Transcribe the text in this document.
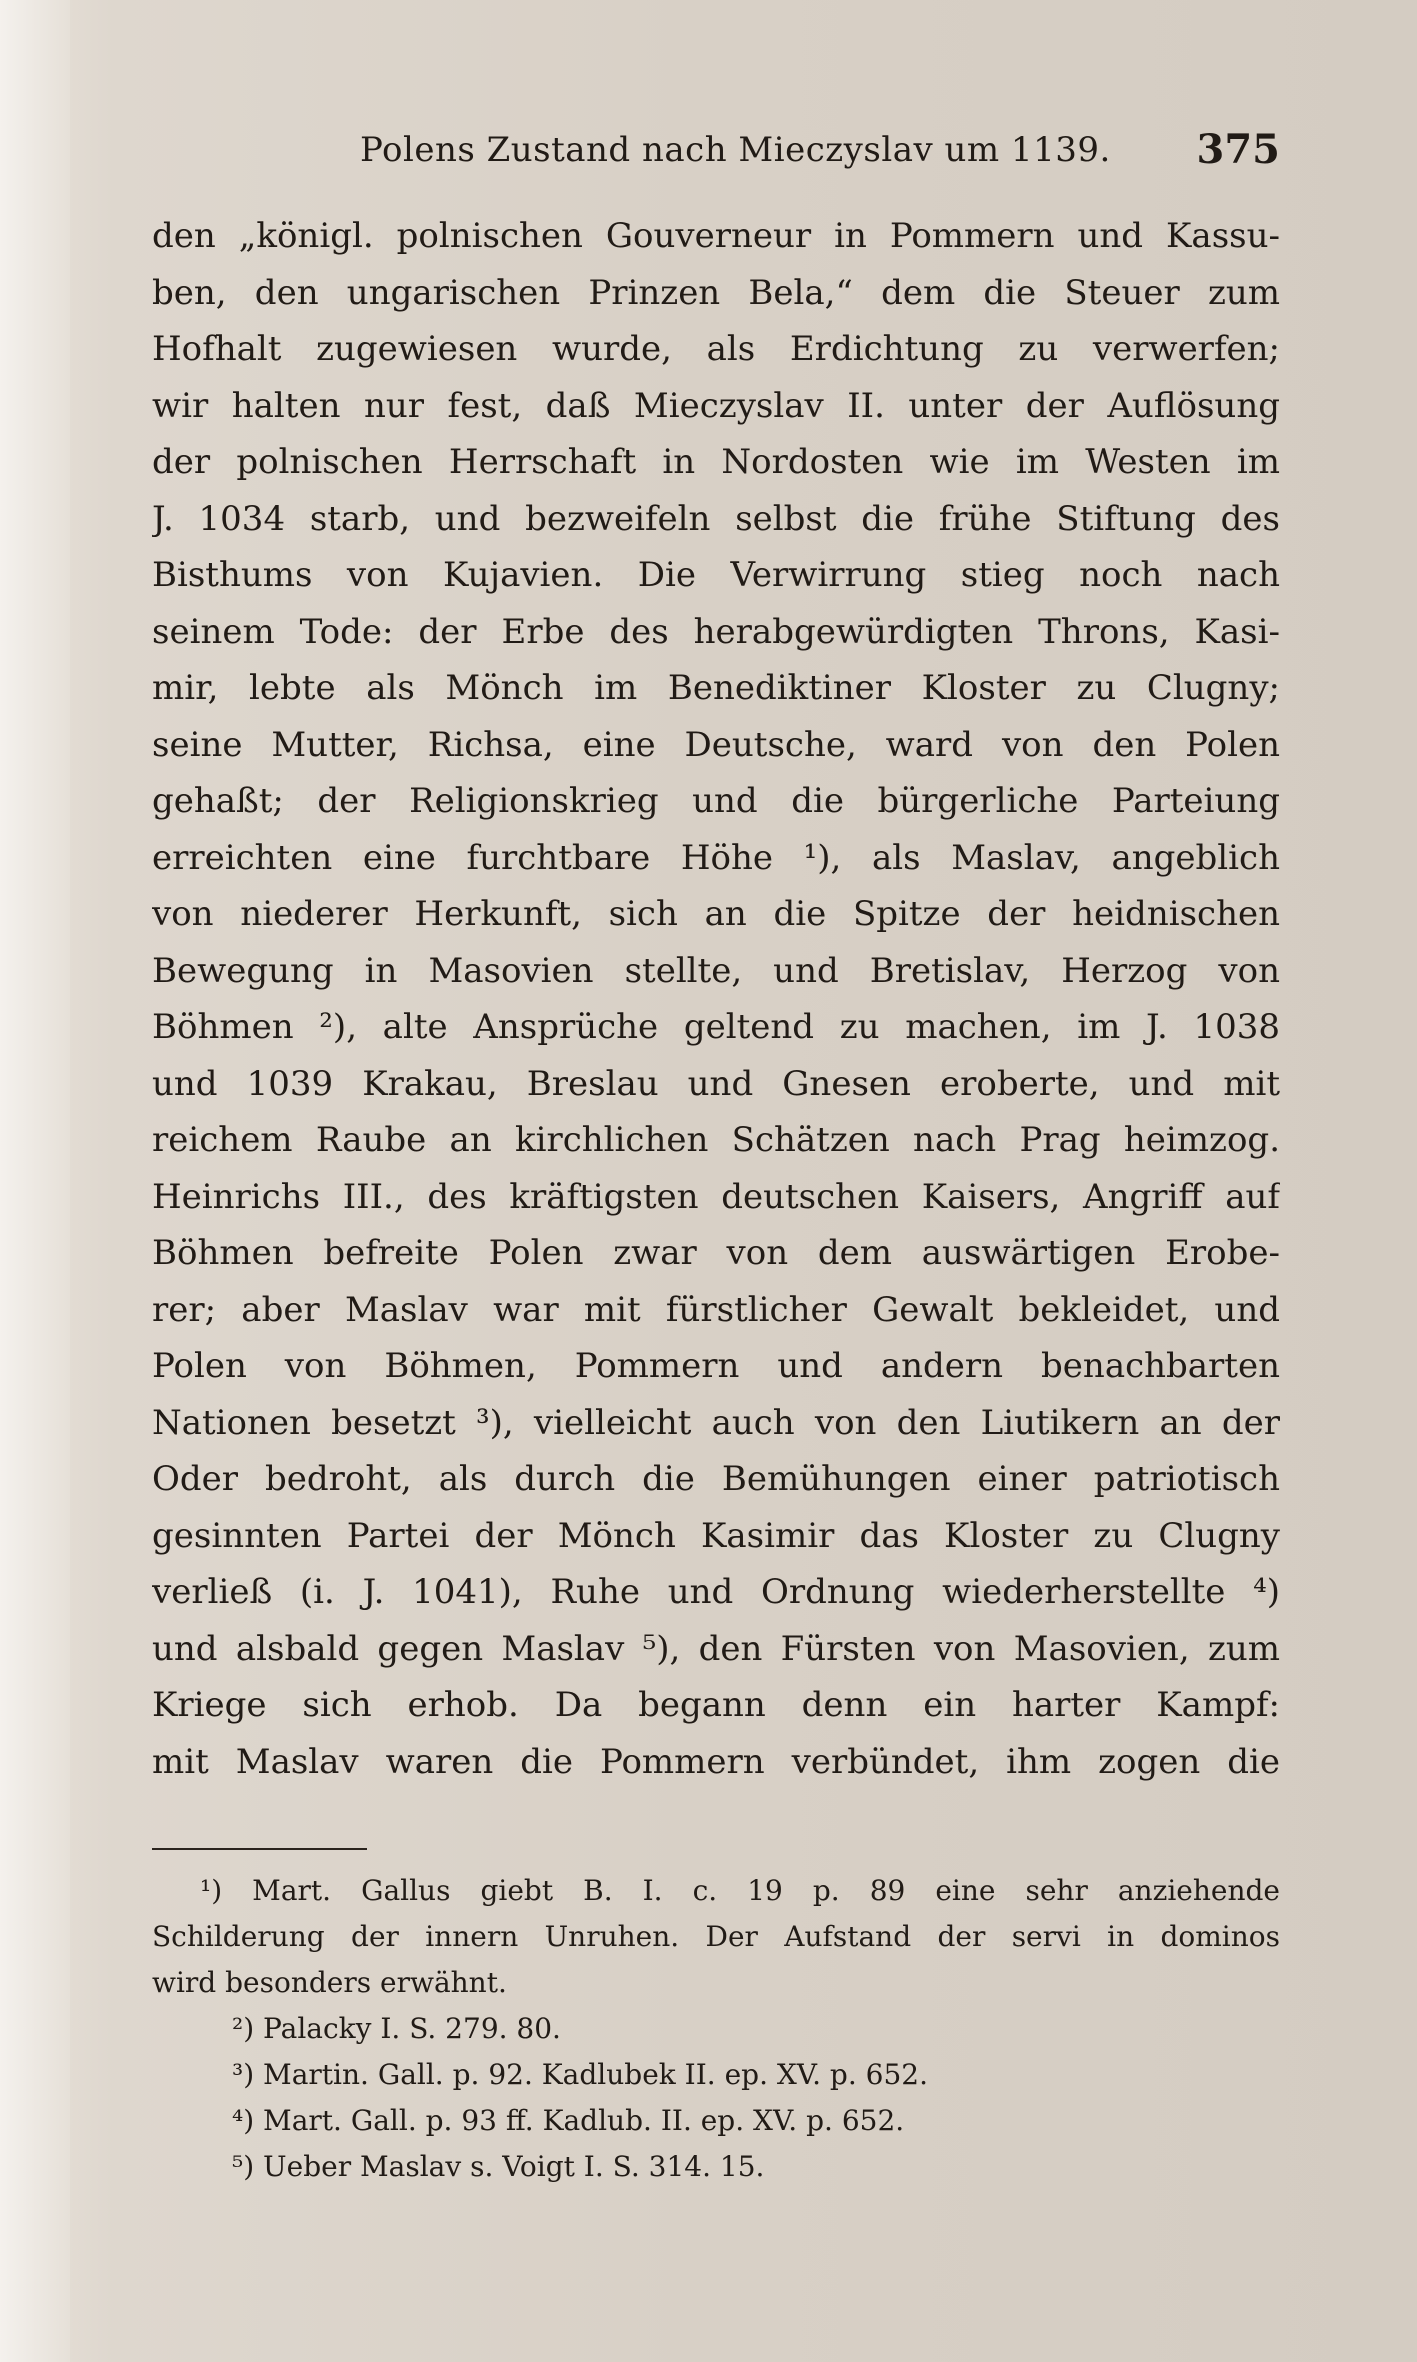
Polens Zustand nach Mieczyslav um 1139. 375
den „königl. polnischen Gouverneur in Pommern und Kassu-
ben, den ungarischen Prinzen Bela,“ dem die Steuer zum
Hofhalt zugewiesen wurde, als Erdichtung zu verwerfen;
wir halten nur fest, daß Mieczyslav II. unter der Auflösung
der polnischen Herrschaft in Nordosten wie im Westen im
J. 1034 starb, und bezweifeln selbst die frühe Stiftung des
Bisthums von Kujavien. Die Verwirrung stieg noch nach
seinem Tode: der Erbe des herabgewürdigten Throns, Kasi-
mir, lebte als Mönch im Benediktiner Kloster zu Clugny;
seine Mutter, Richsa, eine Deutsche, ward von den Polen
gehaßt; der Religionskrieg und die bürgerliche Parteiung
erreichten eine furchtbare Höhe ¹), als Maslav, angeblich
von niederer Herkunft, sich an die Spitze der heidnischen
Bewegung in Masovien stellte, und Bretislav, Herzog von
Böhmen ²), alte Ansprüche geltend zu machen, im J. 1038
und 1039 Krakau, Breslau und Gnesen eroberte, und mit
reichem Raube an kirchlichen Schätzen nach Prag heimzog.
Heinrichs III., des kräftigsten deutschen Kaisers, Angriff auf
Böhmen befreite Polen zwar von dem auswärtigen Erobe-
rer; aber Maslav war mit fürstlicher Gewalt bekleidet, und
Polen von Böhmen, Pommern und andern benachbarten
Nationen besetzt ³), vielleicht auch von den Liutikern an der
Oder bedroht, als durch die Bemühungen einer patriotisch
gesinnten Partei der Mönch Kasimir das Kloster zu Clugny
verließ (i. J. 1041), Ruhe und Ordnung wiederherstellte ⁴)
und alsbald gegen Maslav ⁵), den Fürsten von Masovien, zum
Kriege sich erhob. Da begann denn ein harter Kampf:
mit Maslav waren die Pommern verbündet, ihm zogen die
¹) Mart. Gallus giebt B. I. c. 19 p. 89 eine sehr anziehende
Schilderung der innern Unruhen. Der Aufstand der servi in dominos
wird besonders erwähnt.
²) Palacky I. S. 279. 80.
³) Martin. Gall. p. 92. Kadlubek II. ep. XV. p. 652.
⁴) Mart. Gall. p. 93 ff. Kadlub. II. ep. XV. p. 652.
⁵) Ueber Maslav s. Voigt I. S. 314. 15.
